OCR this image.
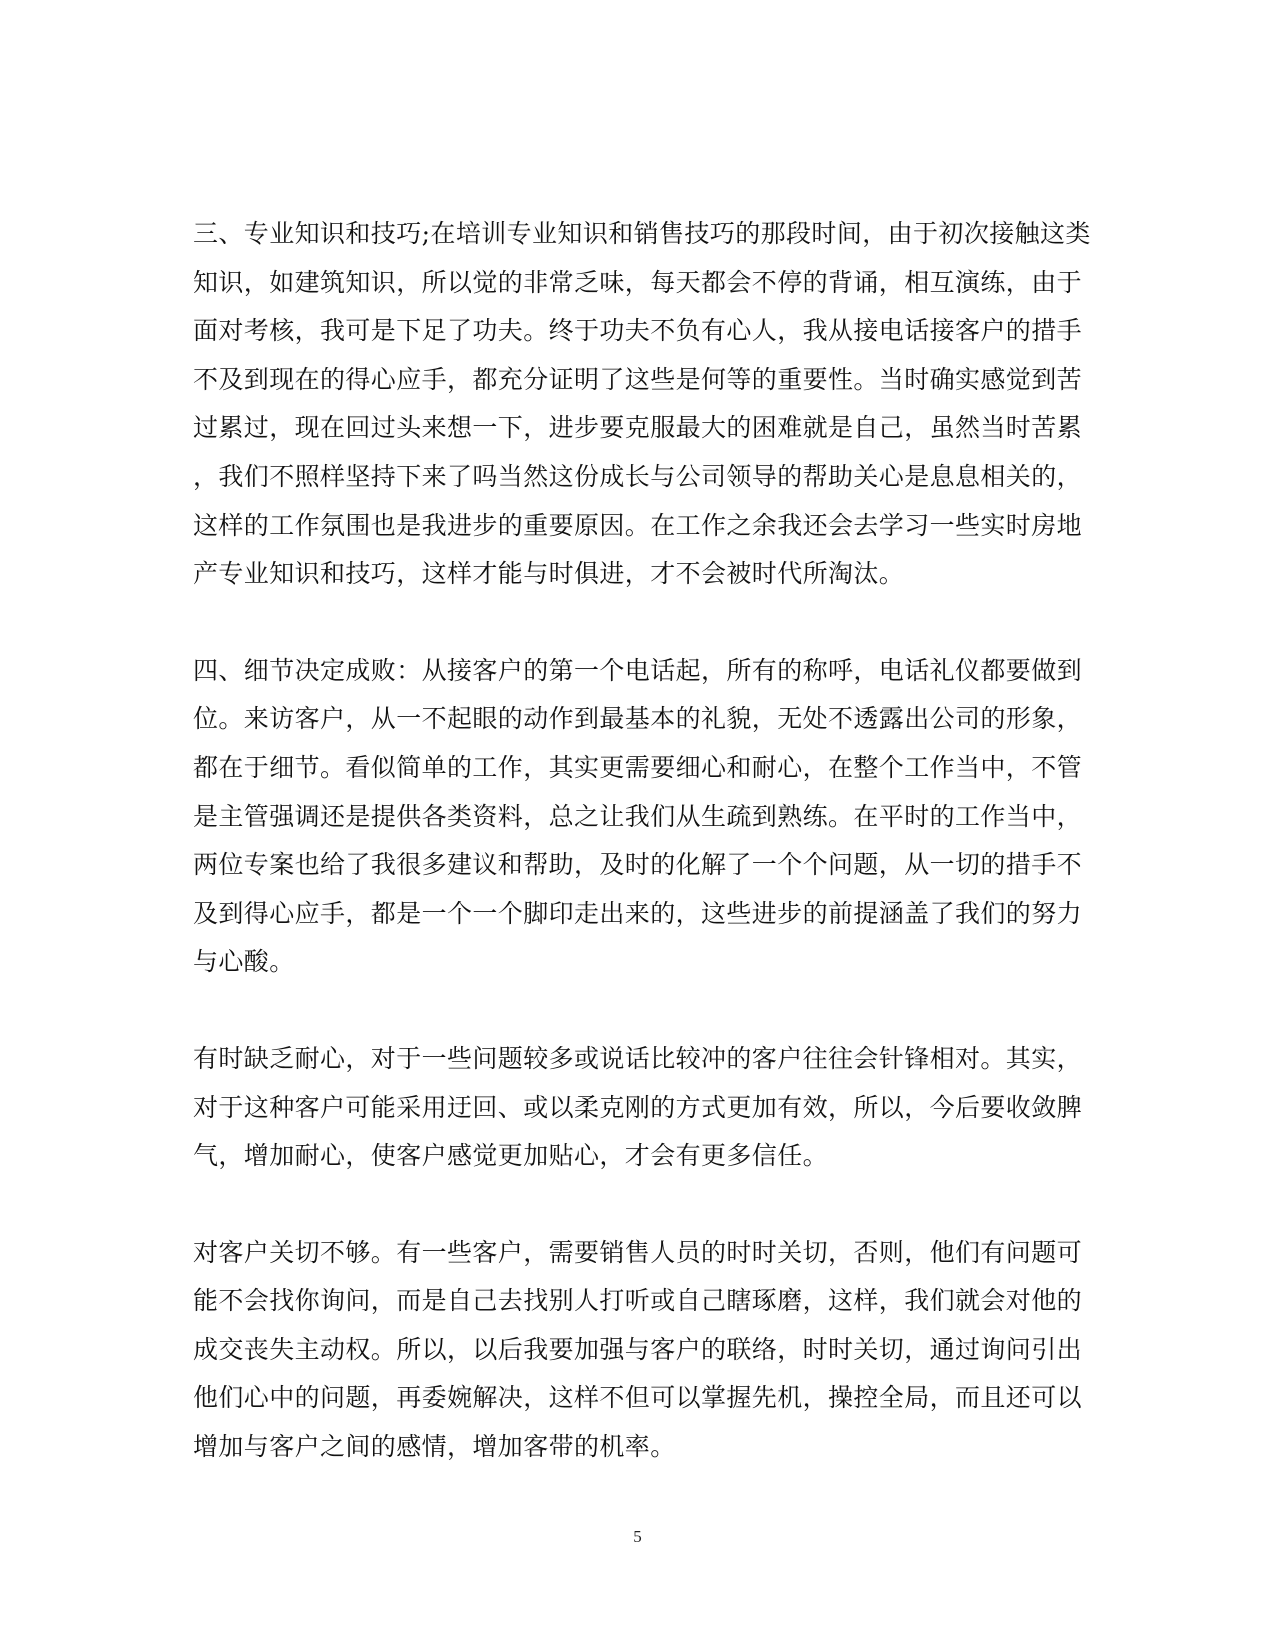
三、专业知识和技巧;在培训专业知识和销售技巧的那段时间，由于初次接触这类
知识，如建筑知识，所以觉的非常乏味，每天都会不停的背诵，相互演练，由于
面对考核，我可是下足了功夫。终于功夫不负有心人，我从接电话接客户的措手
不及到现在的得心应手，都充分证明了这些是何等的重要性。当时确实感觉到苦
过累过，现在回过头来想一下，进步要克服最大的困难就是自己，虽然当时苦累
，我们不照样坚持下来了吗当然这份成长与公司领导的帮助关心是息息相关的，
这样的工作氛围也是我进步的重要原因。在工作之余我还会去学习一些实时房地
产专业知识和技巧，这样才能与时俱进，才不会被时代所淘汰。

四、细节决定成败：从接客户的第一个电话起，所有的称呼，电话礼仪都要做到
位。来访客户，从一不起眼的动作到最基本的礼貌，无处不透露出公司的形象，
都在于细节。看似简单的工作，其实更需要细心和耐心，在整个工作当中，不管
是主管强调还是提供各类资料，总之让我们从生疏到熟练。在平时的工作当中，
两位专案也给了我很多建议和帮助，及时的化解了一个个问题，从一切的措手不
及到得心应手，都是一个一个脚印走出来的，这些进步的前提涵盖了我们的努力
与心酸。

有时缺乏耐心，对于一些问题较多或说话比较冲的客户往往会针锋相对。其实，
对于这种客户可能采用迂回、或以柔克刚的方式更加有效，所以，今后要收敛脾
气，增加耐心，使客户感觉更加贴心，才会有更多信任。

对客户关切不够。有一些客户，需要销售人员的时时关切，否则，他们有问题可
能不会找你询问，而是自己去找别人打听或自己瞎琢磨，这样，我们就会对他的
成交丧失主动权。所以，以后我要加强与客户的联络，时时关切，通过询问引出
他们心中的问题，再委婉解决，这样不但可以掌握先机，操控全局，而且还可以
增加与客户之间的感情，增加客带的机率。

5
